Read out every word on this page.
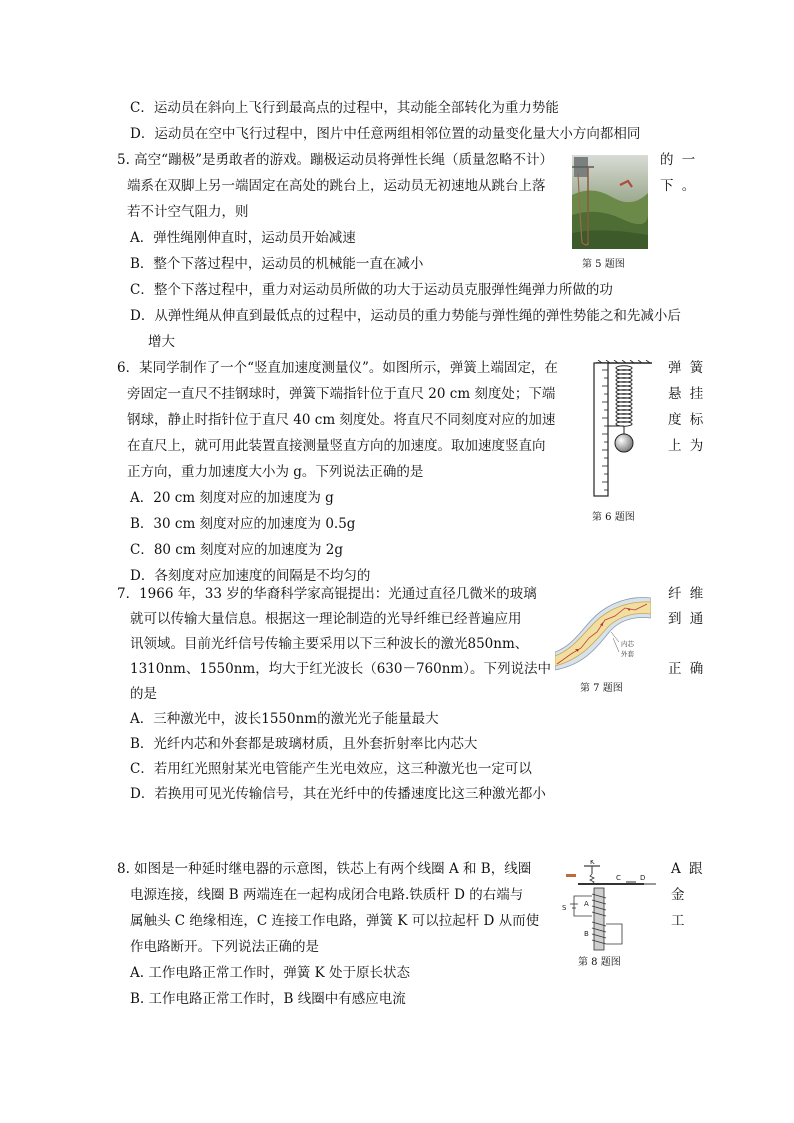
C．运动员在斜向上飞行到最高点的过程中，其动能全部转化为重力势能
D．运动员在空中飞行过程中，图片中任意两组相邻位置的动量变化量大小方向都相同
5. 高空“蹦极”是勇敢者的游戏。蹦极运动员将弹性长绳（质量忽略不计）	的 一
端系在双脚上另一端固定在高处的跳台上，运动员无初速地从跳台上落	下 。
若不计空气阻力，则
A．弹性绳刚伸直时，运动员开始减速
B．整个下落过程中，运动员的机械能一直在减小
C．整个下落过程中，重力对运动员所做的功大于运动员克服弹性绳弹力所做的功
D．从弹性绳从伸直到最低点的过程中，运动员的重力势能与弹性绳的弹性势能之和先减小后
增大
第 5 题图
6．某同学制作了一个“竖直加速度测量仪”。如图所示，弹簧上端固定，在	弹 簧
旁固定一直尺不挂钢球时，弹簧下端指针位于直尺 20 cm 刻度处；下端	悬 挂
钢球，静止时指针位于直尺 40 cm 刻度处。将直尺不同刻度对应的加速	度 标
在直尺上，就可用此装置直接测量竖直方向的加速度。取加速度竖直向	上 为
正方向，重力加速度大小为 g。下列说法正确的是
A．20 cm 刻度对应的加速度为 g
B．30 cm 刻度对应的加速度为 0.5g
C．80 cm 刻度对应的加速度为 2g
D．各刻度对应加速度的间隔是不均匀的
第 6 题图
7．1966 年，33 岁的华裔科学家高锟提出：光通过直径几微米的玻璃	纤 维
就可以传输大量信息。根据这一理论制造的光导纤维已经普遍应用	到 通
讯领域。目前光纤信号传输主要采用以下三种波长的激光850nm、
1310nm、1550nm，均大于红光波长（630－760nm）。下列说法中	正 确
的是
A．三种激光中，波长1550nm的激光光子能量最大
B．光纤内芯和外套都是玻璃材质，且外套折射率比内芯大
C．若用红光照射某光电管能产生光电效应，这三种激光也一定可以
D．若换用可见光传输信号，其在光纤中的传播速度比这三种激光都小
内芯
外套
第 7 题图
8. 如图是一种延时继电器的示意图，铁芯上有两个线圈 A 和 B，线圈	A 跟
电源连接，线圈 B 两端连在一起构成闭合电路.铁质杆 D 的右端与	金
属触头 C 绝缘相连，C 连接工作电路，弹簧 K 可以拉起杆 D 从而使	工
作电路断开。下列说法正确的是
A. 工作电路正常工作时，弹簧 K 处于原长状态
B. 工作电路正常工作时，B 线圈中有感应电流
K
C	D
S	A
B
第 8 题图
